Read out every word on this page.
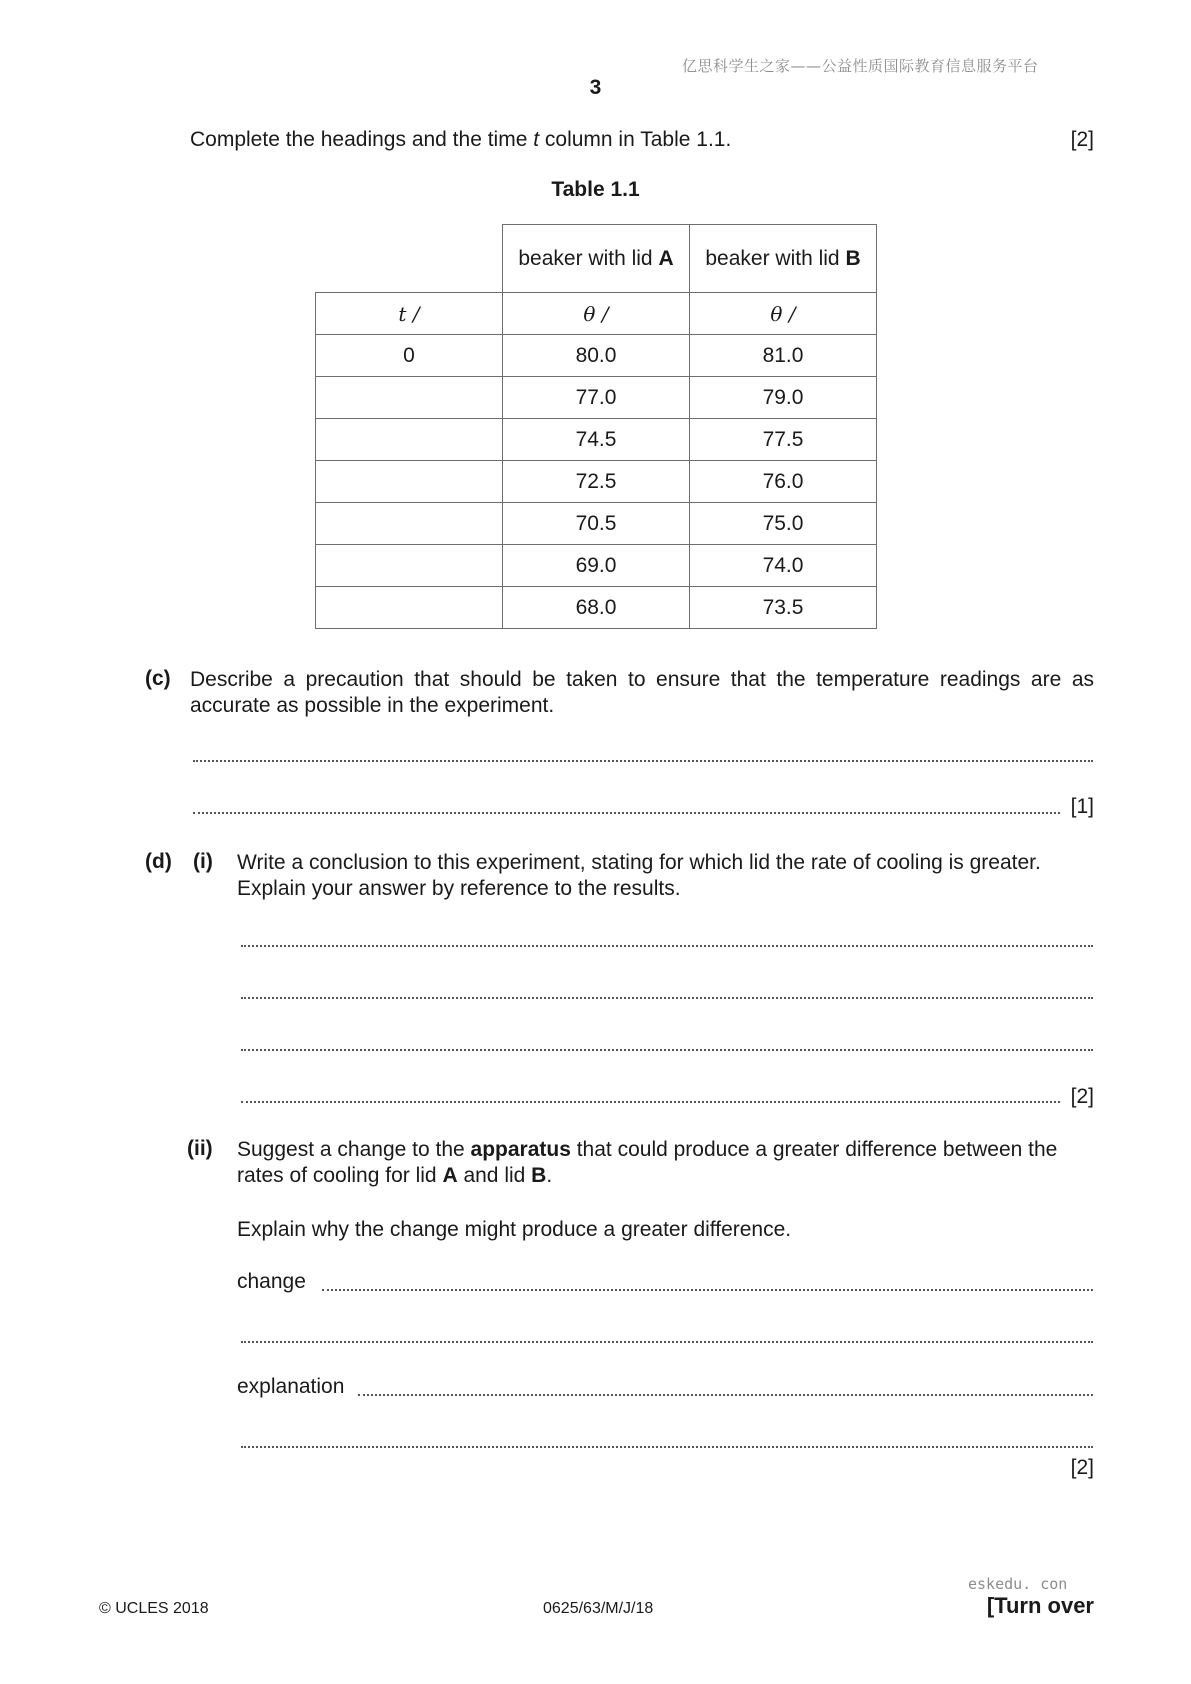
亿思科学生之家——公益性质国际教育信息服务平台
3
Complete the headings and the time t column in Table 1.1.	[2]
Table 1.1
	beaker with lid A	beaker with lid B
t /	θ /	θ /
0	80.0	81.0
	77.0	79.0
	74.5	77.5
	72.5	76.0
	70.5	75.0
	69.0	74.0
	68.0	73.5
(c) Describe a precaution that should be taken to ensure that the temperature readings are as
accurate as possible in the experiment.
[1]
(d) (i) Write a conclusion to this experiment, stating for which lid the rate of cooling is greater.
Explain your answer by reference to the results.
[2]
(ii) Suggest a change to the apparatus that could produce a greater difference between the
rates of cooling for lid A and lid B.
Explain why the change might produce a greater difference.
change
explanation
[2]
eskedu. con
© UCLES 2018	0625/63/M/J/18	[Turn over
